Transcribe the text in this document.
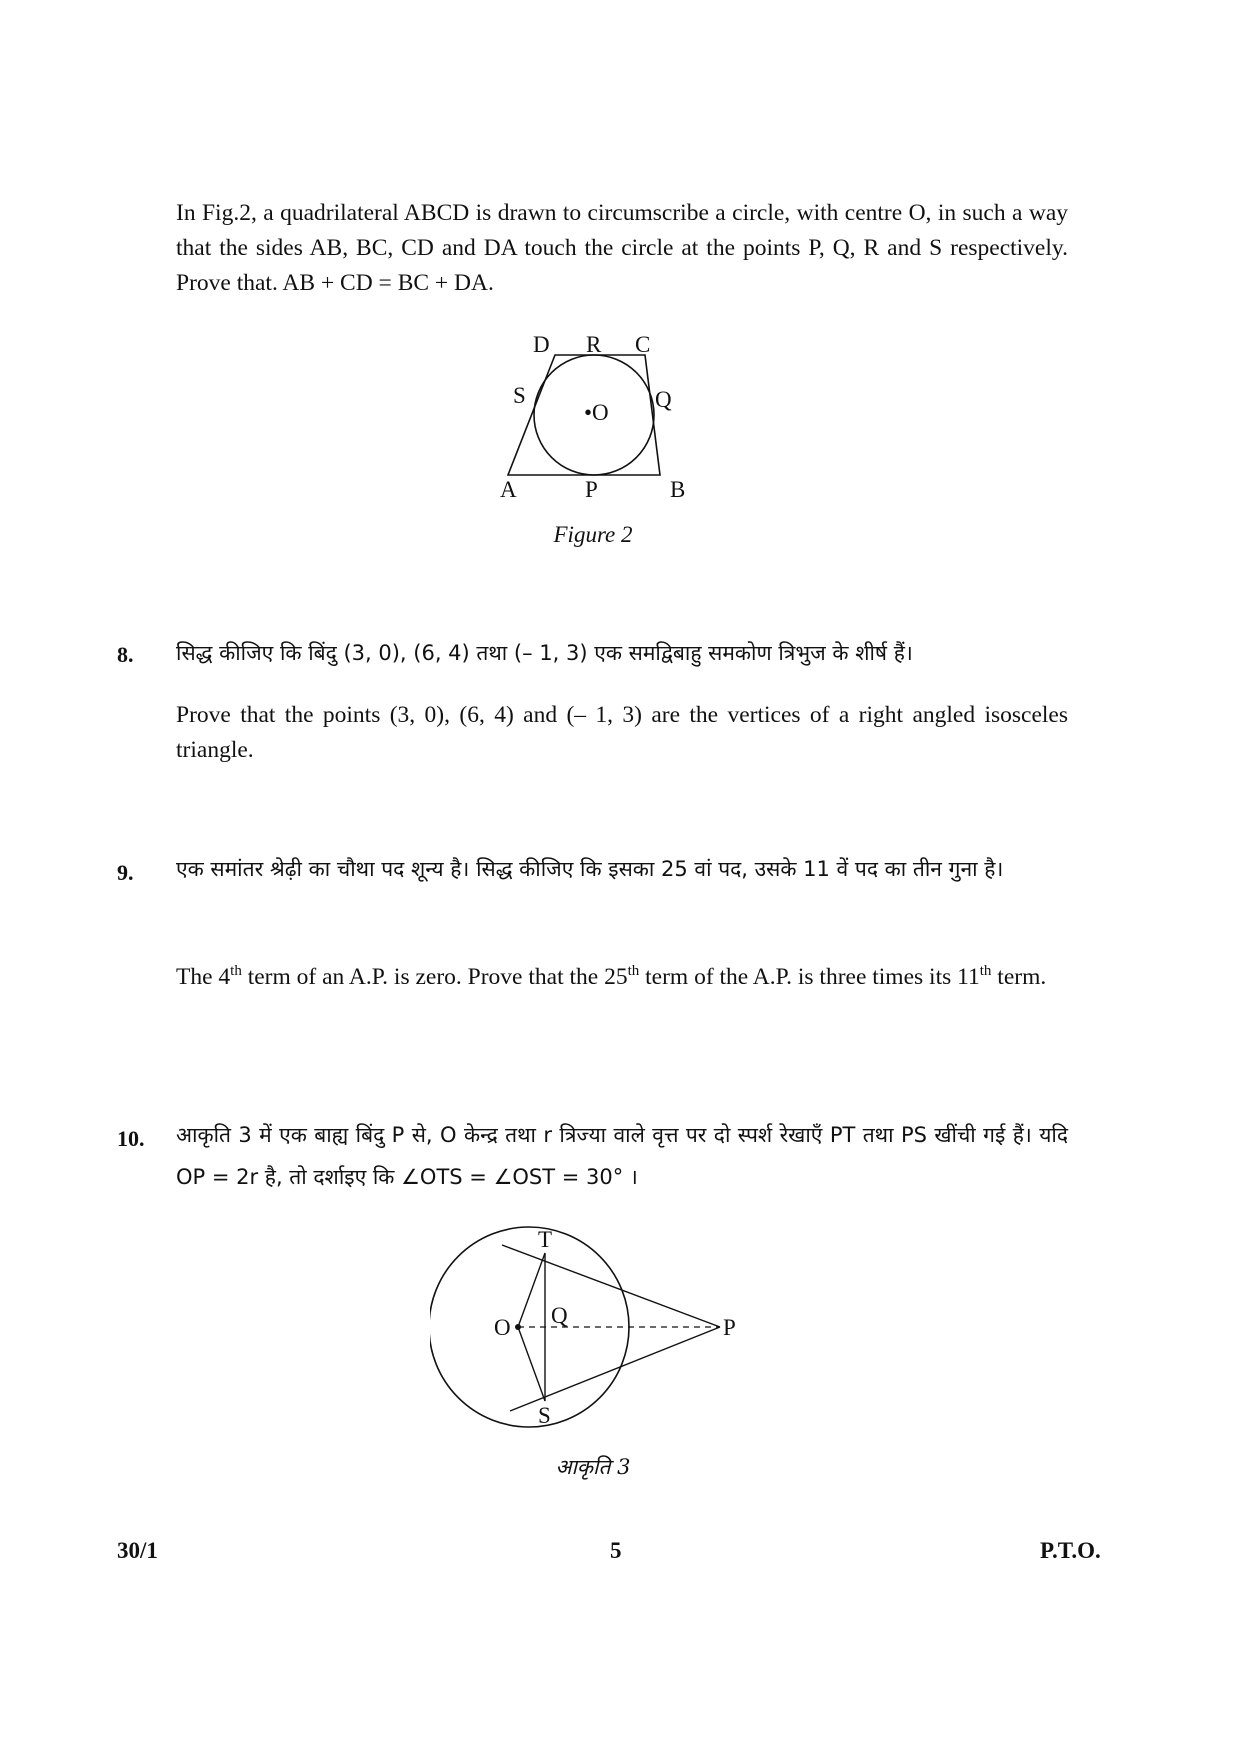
In Fig.2, a quadrilateral ABCD is drawn to circumscribe a circle, with centre O, in such a way that the sides AB, BC, CD and DA touch the circle at the points P, Q, R and S respectively. Prove that. AB + CD = BC + DA.
D R C
S	Q
•O
A	P	B
Figure 2
8. सिद्ध कीजिए कि बिंदु (3, 0), (6, 4) तथा (– 1, 3) एक समद्विबाहु समकोण त्रिभुज के शीर्ष हैं।
Prove that the points (3, 0), (6, 4) and (– 1, 3) are the vertices of a right angled isosceles triangle.
9. एक समांतर श्रेढ़ी का चौथा पद शून्य है। सिद्ध कीजिए कि इसका 25 वां पद, उसके 11 वें पद का तीन गुना है।
The 4th term of an A.P. is zero. Prove that the 25th term of the A.P. is three times its 11th term.
10. आकृति 3 में एक बाह्य बिंदु P से, O केन्द्र तथा r त्रिज्या वाले वृत्त पर दो स्पर्श रेखाएँ PT तथा PS खींची गई हैं। यदि OP = 2r है, तो दर्शाइए कि ∠OTS = ∠OST = 30° ।
T
O Q	P
S
आकृति 3
30/1	5	P.T.O.
